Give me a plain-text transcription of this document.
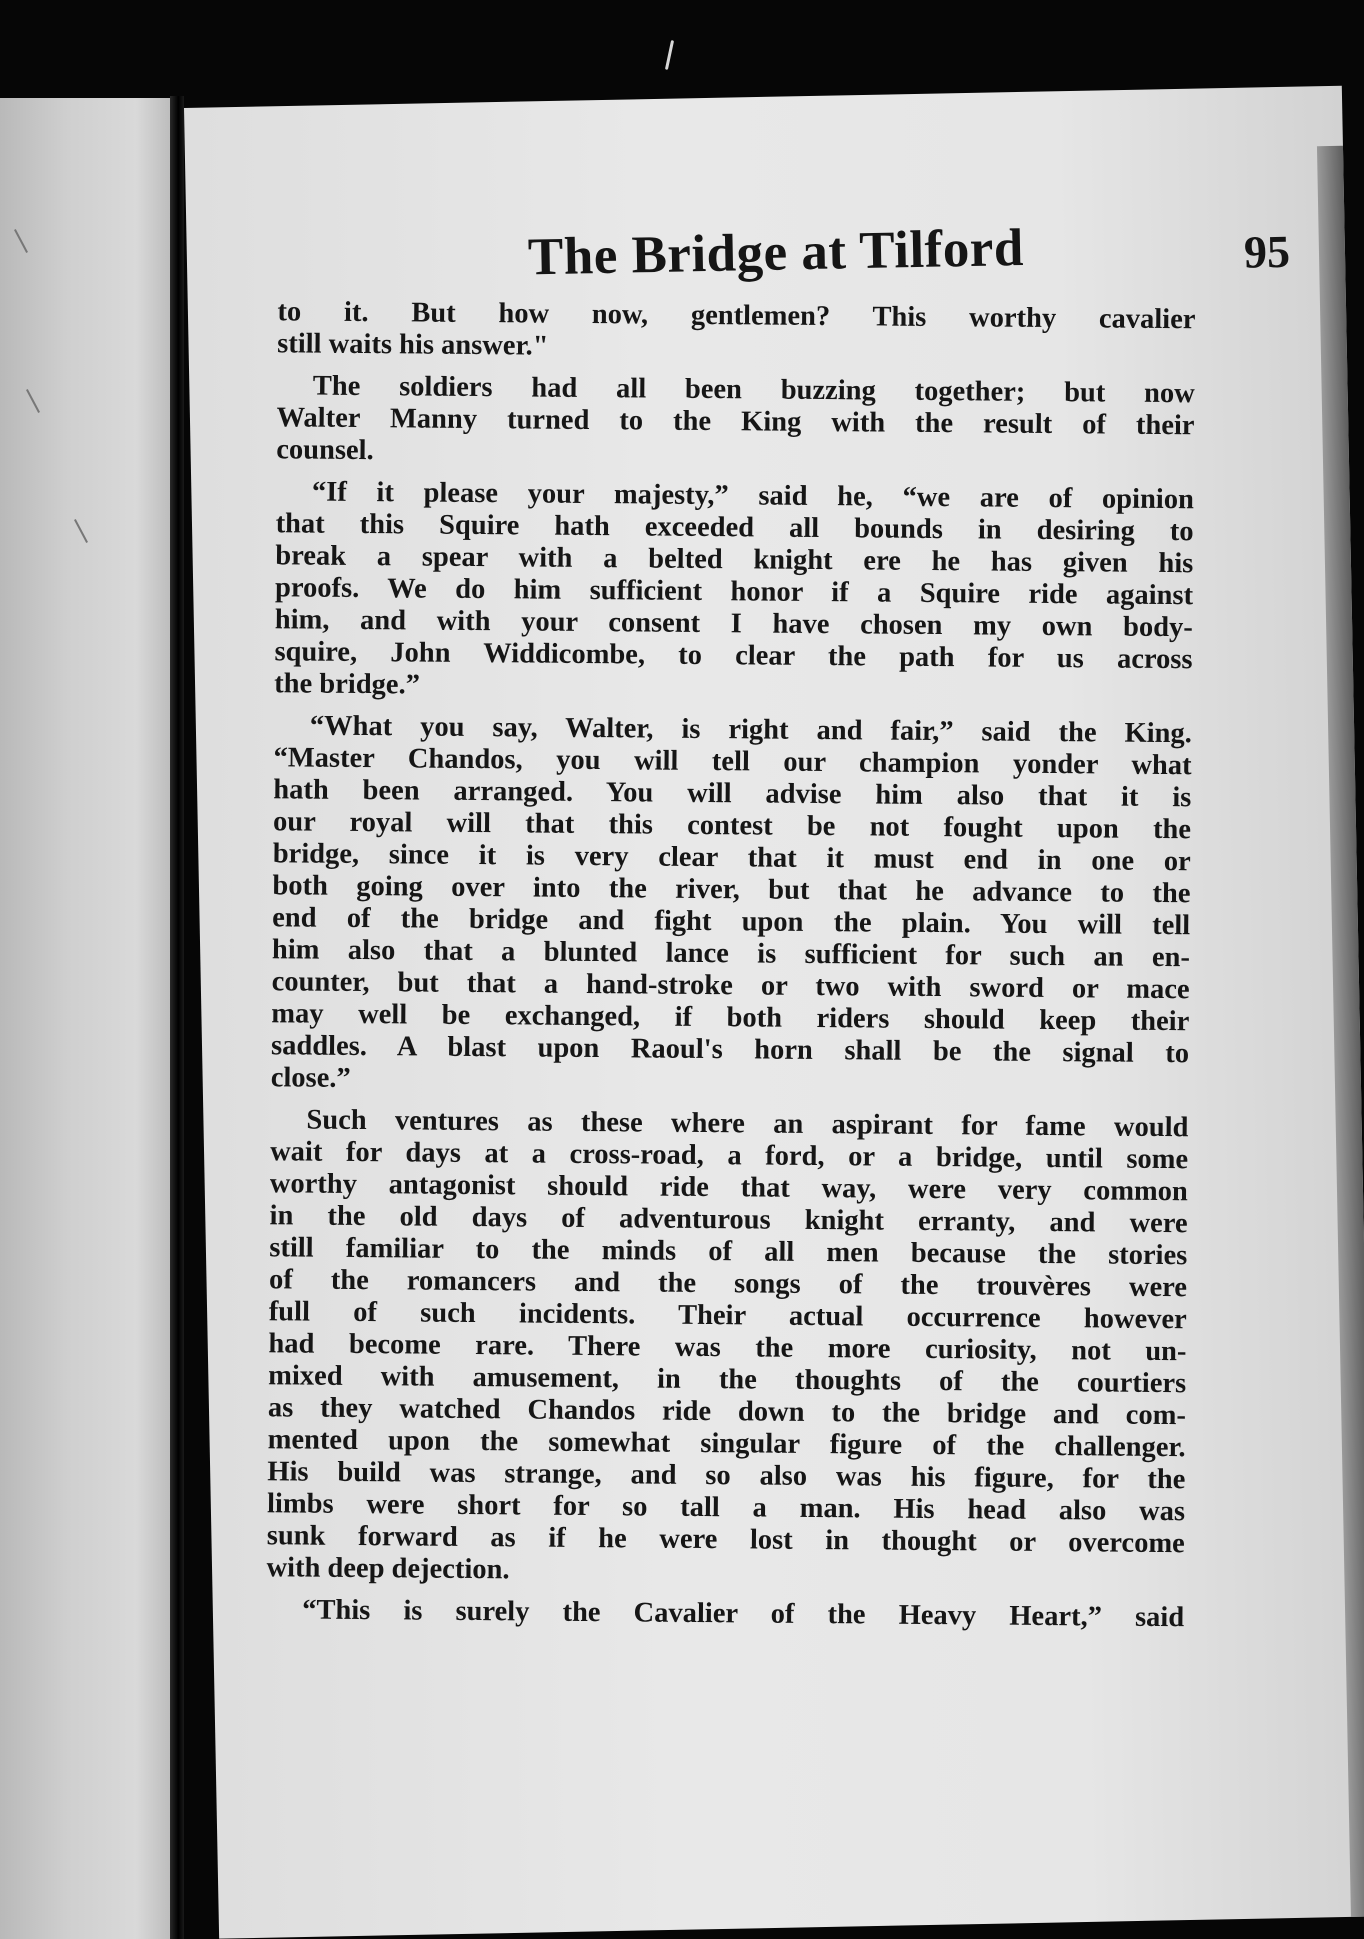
The Bridge at Tilford	95
to it. But how now, gentlemen? This worthy cavalier
still waits his answer."
The soldiers had all been buzzing together; but now
Walter Manny turned to the King with the result of their
counsel.
“If it please your majesty,” said he, “we are of opinion
that this Squire hath exceeded all bounds in desiring to
break a spear with a belted knight ere he has given his
proofs. We do him sufficient honor if a Squire ride against
him, and with your consent I have chosen my own body-
squire, John Widdicombe, to clear the path for us across
the bridge.”
“What you say, Walter, is right and fair,” said the King.
“Master Chandos, you will tell our champion yonder what
hath been arranged. You will advise him also that it is
our royal will that this contest be not fought upon the
bridge, since it is very clear that it must end in one or
both going over into the river, but that he advance to the
end of the bridge and fight upon the plain. You will tell
him also that a blunted lance is sufficient for such an en-
counter, but that a hand-stroke or two with sword or mace
may well be exchanged, if both riders should keep their
saddles. A blast upon Raoul's horn shall be the signal to
close.”
Such ventures as these where an aspirant for fame would
wait for days at a cross-road, a ford, or a bridge, until some
worthy antagonist should ride that way, were very common
in the old days of adventurous knight erranty, and were
still familiar to the minds of all men because the stories
of the romancers and the songs of the trouvères were
full of such incidents. Their actual occurrence however
had become rare. There was the more curiosity, not un-
mixed with amusement, in the thoughts of the courtiers
as they watched Chandos ride down to the bridge and com-
mented upon the somewhat singular figure of the challenger.
His build was strange, and so also was his figure, for the
limbs were short for so tall a man. His head also was
sunk forward as if he were lost in thought or overcome
with deep dejection.
“This is surely the Cavalier of the Heavy Heart,” said
